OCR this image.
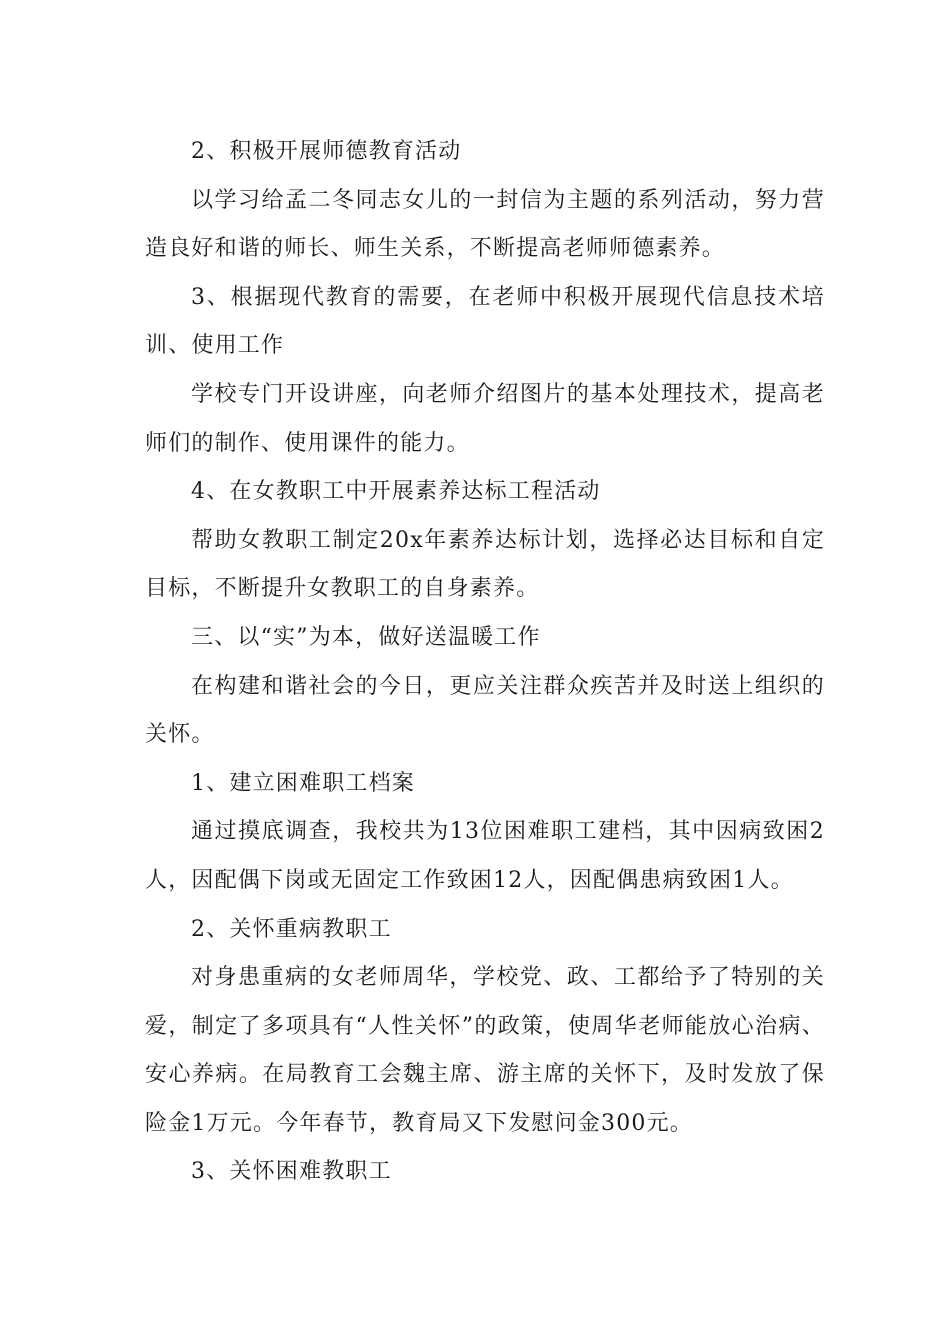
2、积极开展师德教育活动

以学习给孟二冬同志女儿的一封信为主题的系列活动，努力营造良好和谐的师长、师生关系，不断提高老师师德素养。

3、根据现代教育的需要，在老师中积极开展现代信息技术培训、使用工作

学校专门开设讲座，向老师介绍图片的基本处理技术，提高老师们的制作、使用课件的能力。

4、在女教职工中开展素养达标工程活动

帮助女教职工制定20x年素养达标计划，选择必达目标和自定目标，不断提升女教职工的自身素养。

三、以“实”为本，做好送温暖工作

在构建和谐社会的今日，更应关注群众疾苦并及时送上组织的关怀。

1、建立困难职工档案

通过摸底调查，我校共为13位困难职工建档，其中因病致困2人，因配偶下岗或无固定工作致困12人，因配偶患病致困1人。

2、关怀重病教职工

对身患重病的女老师周华，学校党、政、工都给予了特别的关爱，制定了多项具有“人性关怀”的政策，使周华老师能放心治病、安心养病。在局教育工会魏主席、游主席的关怀下，及时发放了保险金1万元。今年春节，教育局又下发慰问金300元。

3、关怀困难教职工
